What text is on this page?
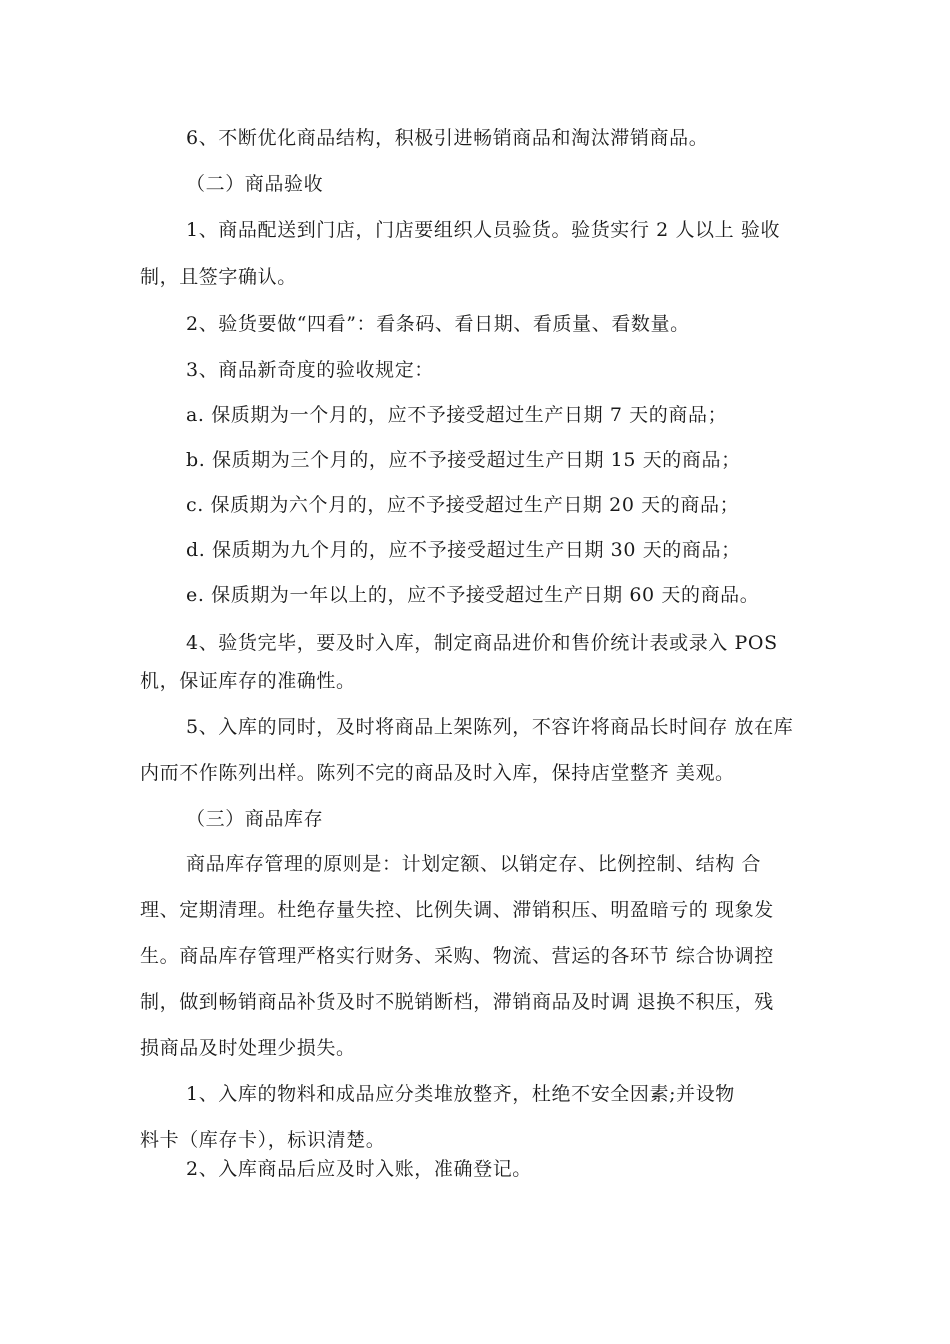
6、不断优化商品结构，积极引进畅销商品和淘汰滞销商品。
（二）商品验收
1、商品配送到门店，门店要组织人员验货。验货实行 2 人以上 验收
制，且签字确认。
2、验货要做“四看”：看条码、看日期、看质量、看数量。
3、商品新奇度的验收规定：
a. 保质期为一个月的，应不予接受超过生产日期 7 天的商品；
b. 保质期为三个月的，应不予接受超过生产日期 15 天的商品；
c. 保质期为六个月的，应不予接受超过生产日期 20 天的商品；
d. 保质期为九个月的，应不予接受超过生产日期 30 天的商品；
e. 保质期为一年以上的，应不予接受超过生产日期 60 天的商品。
4、验货完毕，要及时入库，制定商品进价和售价统计表或录入 POS
机，保证库存的准确性。
5、入库的同时，及时将商品上架陈列，不容许将商品长时间存 放在库
内而不作陈列出样。陈列不完的商品及时入库，保持店堂整齐 美观。
（三）商品库存
商品库存管理的原则是：计划定额、以销定存、比例控制、结构 合
理、定期清理。杜绝存量失控、比例失调、滞销积压、明盈暗亏的 现象发
生。商品库存管理严格实行财务、采购、物流、营运的各环节 综合协调控
制，做到畅销商品补货及时不脱销断档，滞销商品及时调 退换不积压，残
损商品及时处理少损失。
1、入库的物料和成品应分类堆放整齐，杜绝不安全因素;并设物
料卡（库存卡），标识清楚。
2、入库商品后应及时入账，准确登记。
